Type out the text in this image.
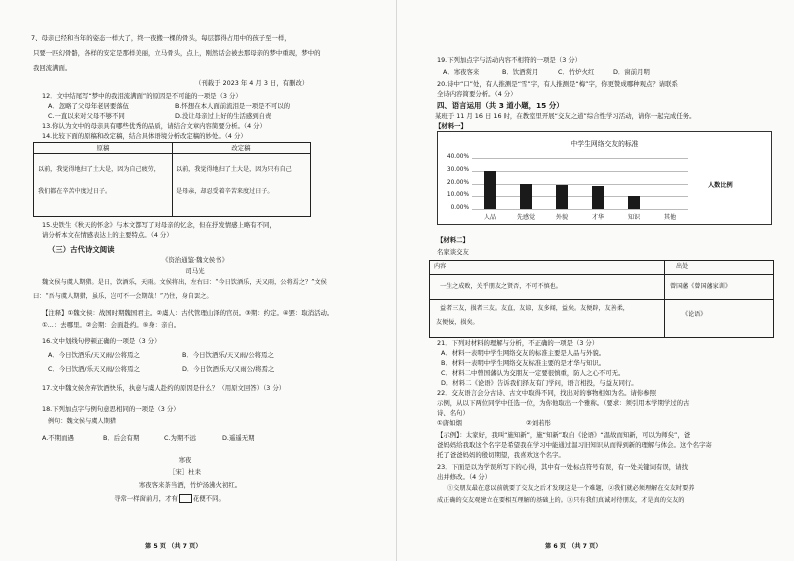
7、母亲已经和当年的姿态一样大了，终一夜搬一棵的骨头，每层都得占用中的孩子至一样，
只要一匹幻骨骼，各样的安定是那样美丽，立马骨头，点上，刚然话会被去那母亲的梦中重现，梦中的
我回流满面。
（刊载于 2023 年 4 月 3 日，有删改）
12．文中结尾写“梦中的我泪流满面”的原因是不可能的一项是（3 分）
A．忽略了父母年老居要落伍	B.怀想在本人面前流泪是一项是不可以的
C.一直以来对父母不够不同	D.没让母亲过上好的生活感到自责
13.你认为文中的母亲具有哪些优秀的品质，请结合文章内容简要分析。（4 分）
14.比较下面的原稿和改定稿，结合具体语境分析改定稿的妙处。（4 分）
原稿	改定稿
以前，我觉得地扫了土大是，因为自己疲劳，	以前，我觉得地扫了土大是，因为只有自己
我们都在辛苦中度过日子。	是母亲，却忍受着辛苦来度过日子。
15.史铁生《秋天的怀念》与本文都写了对母亲的忆念，但在抒发情感上略有不同，
请分析本文在情感表达上的主要特点。（4 分）
（三）古代诗文阅读
《资治通鉴·魏文侯书》
司马光
魏文侯与虞人期猎。是日，饮酒乐，天雨。文侯将出，左右曰：“今日饮酒乐，天又雨，公将焉之？”文侯
曰：“吾与虞人期猎，虽乐，岂可不一会期哉！”乃往，身自罢之。
【注释】①魏文侯：战国时期魏国君主。②虞人：古代管理山泽的官员。③期：约定。④罢：取消活动。
①...：去哪里。②会期：会面赴约。⑤身：亲自。
16.文中划线句停顿正确的一项是（3 分）
A．今日饮酒乐/天又雨/公将焉之	B．今日饮酒乐/天又雨/公将焉之
C．今日饮酒/乐天又雨/公将焉之	D．今日饮酒乐天/又雨公/将焉之
17.文中魏文侯舍弃饮酒快乐，执意与虞人赴约的原因是什么？（用原文回答）（3 分）
18.下列加点字与例句意思相同的一项是（3 分）
例句：魏文侯与虞人期猎
A.不期而遇	B．后会有期	C.为期不远	D.遥遥无期
寒夜
［宋］杜耒
寒夜客来茶当酒，竹炉汤沸火初红。
寻常一样窗前月，才有 花便不同。
第 5 页 （共 7 页）
19.下列加点字与活动内容不相符的一项是（3 分）
A．寒夜客来	B．饮酒赏月	C．竹炉火红	D．窗前月明
20.诗中“口”处，有人推测是“雪”字，有人推测是“梅”字，你更赞成哪种观点？请联系
全诗内容简要分析。（4 分）
四、语言运用（共 3 道小题，15 分）
某班于 11 月 16 日 16 时，在教室里开展“交友之道”综合性学习活动，请你一起完成任务。
【材料一】
中学生网络交友的标准
40.00%
30.00%
20.00%
10.00%
0.00%
人品	先感觉	外貌	才华	知识	其他
人数比例
【材料二】
名家谈交友
内容	出处
一生之成败，关乎朋友之贤否，不可不慎也。	曾国藩《曾国藩家训》
益者三友，损者三友。友直，友谅，友多闻，益矣。友便辟，友善柔，
友便佞，损矣。
《论语》
21．下列对材料的理解与分析，不正确的一项是（3 分）
A．材料一表明中学生网络交友的标准主要是人品与外貌。
B．材料一表明中学生网络交友标准主要的是才华与知识。
C．材料二中曾国藩认为交朋友一定要很慎重，防人之心不可无。
D．材料二《论语》告诉我们择友有门学问，语言相投，与益友同行。
22．交友语言会分古诗、古文中取得不同，找出对的事物相如为名。请你参照
示例，从以下两位同学中任选一位，为你他取出一个雅称。（要求：须引用本学期学过的古
诗、名句）
①唐如烟	②刘若彤
【示例】：太家好，我叫“施知新”，施“知新”取自《论语》“温故而知新，可以为师矣”，爸
爸妈妈给我取这个名字是希望我在学习中能通过温习旧知识从而得到新的理解与体会。这个名字寄
托了爸爸妈妈的殷切期望，我喜欢这个名字。
23．下面是以为学误所写下的心得，其中有一处标点符号有误，有一处关键词有误，请找
出并修改。（4 分）
①交朋友最在意以前就要了交友之后才发现这是一个难题，②我们就必须理解在交友时要养
成正确的交友观建立在要相互理解的基础上的。③只有我们真诚对待朋友，才是真的交友的
第 6 页 （共 7 页）
